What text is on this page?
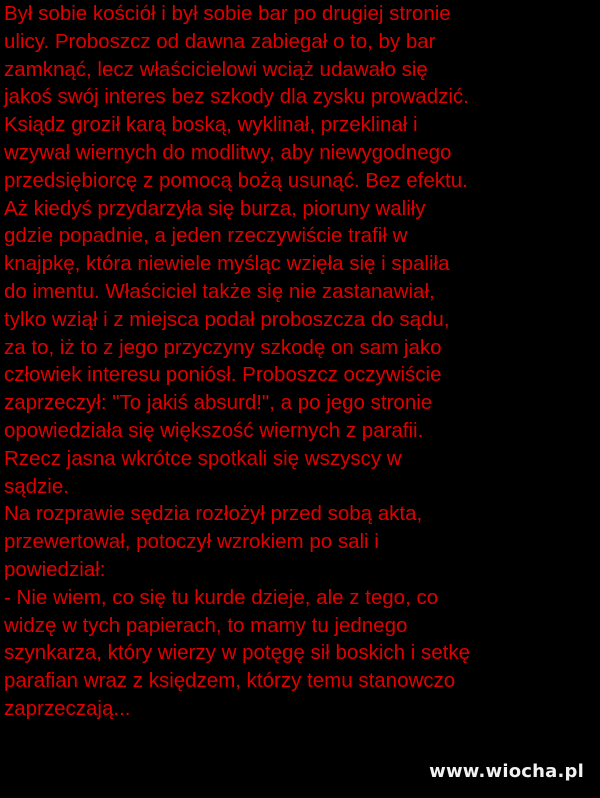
Był sobie kościół i był sobie bar po drugiej stronie
ulicy. Proboszcz od dawna zabiegał o to, by bar
zamknąć, lecz właścicielowi wciąż udawało się
jakoś swój interes bez szkody dla zysku prowadzić.
Ksiądz groził karą boską, wyklinał, przeklinał i
wzywał wiernych do modlitwy, aby niewygodnego
przedsiębiorcę z pomocą bożą usunąć. Bez efektu.
Aż kiedyś przydarzyła się burza, pioruny waliły
gdzie popadnie, a jeden rzeczywiście trafił w
knajpkę, która niewiele myśląc wzięła się i spaliła
do imentu. Właściciel także się nie zastanawiał,
tylko wziął i z miejsca podał proboszcza do sądu,
za to, iż to z jego przyczyny szkodę on sam jako
człowiek interesu poniósł. Proboszcz oczywiście
zaprzeczył: "To jakiś absurd!", a po jego stronie
opowiedziała się większość wiernych z parafii.
Rzecz jasna wkrótce spotkali się wszyscy w
sądzie.
Na rozprawie sędzia rozłożył przed sobą akta,
przewertował, potoczył wzrokiem po sali i
powiedział:
- Nie wiem, co się tu kurde dzieje, ale z tego, co
widzę w tych papierach, to mamy tu jednego
szynkarza, który wierzy w potęgę sił boskich i setkę
parafian wraz z księdzem, którzy temu stanowczo
zaprzeczają...
www.wiocha.pl
